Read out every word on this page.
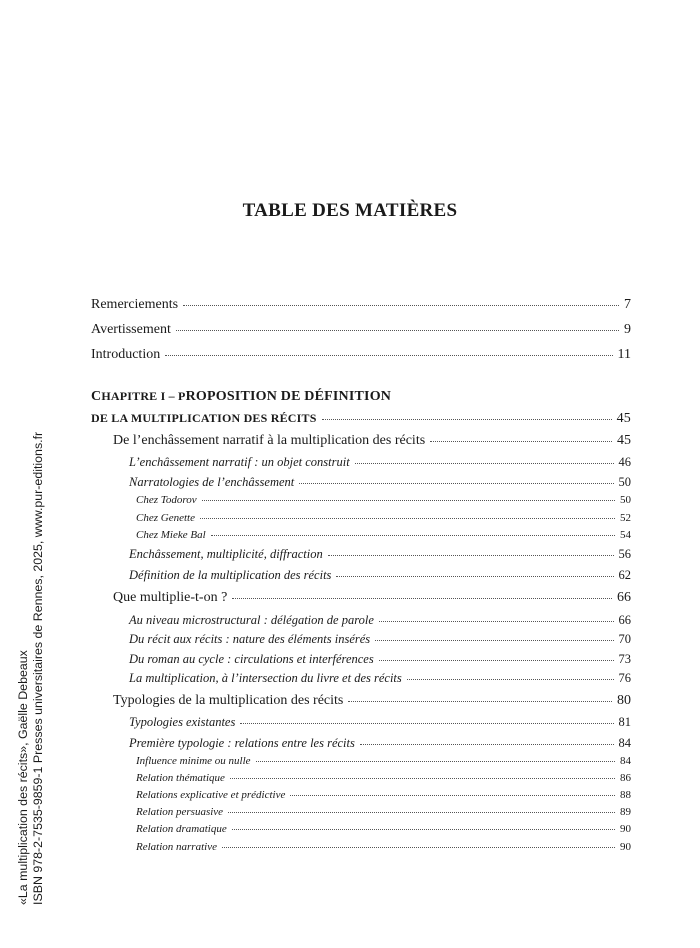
TABLE DES MATIÈRES
Remerciements	7
Avertissement	9
Introduction	11
CHAPITRE I – PROPOSITION DE DÉFINITION
DE LA MULTIPLICATION DES RÉCITS	45
De l’enchâssement narratif à la multiplication des récits	45
L’enchâssement narratif : un objet construit	46
Narratologies de l’enchâssement	50
Chez Todorov	50
Chez Genette	52
Chez Mieke Bal	54
Enchâssement, multiplicité, diffraction	56
Définition de la multiplication des récits	62
Que multiplie-t-on ?	66
Au niveau microstructural : délégation de parole	66
Du récit aux récits : nature des éléments insérés	70
Du roman au cycle : circulations et interférences	73
La multiplication, à l’intersection du livre et des récits	76
Typologies de la multiplication des récits	80
Typologies existantes	81
Première typologie : relations entre les récits	84
Influence minime ou nulle	84
Relation thématique	86
Relations explicative et prédictive	88
Relation persuasive	89
Relation dramatique	90
Relation narrative	90
«La multiplication des récits», Gaëlle Debeaux ISBN 978-2-7535-9859-1 Presses universitaires de Rennes, 2025, www.pur-editions.fr
